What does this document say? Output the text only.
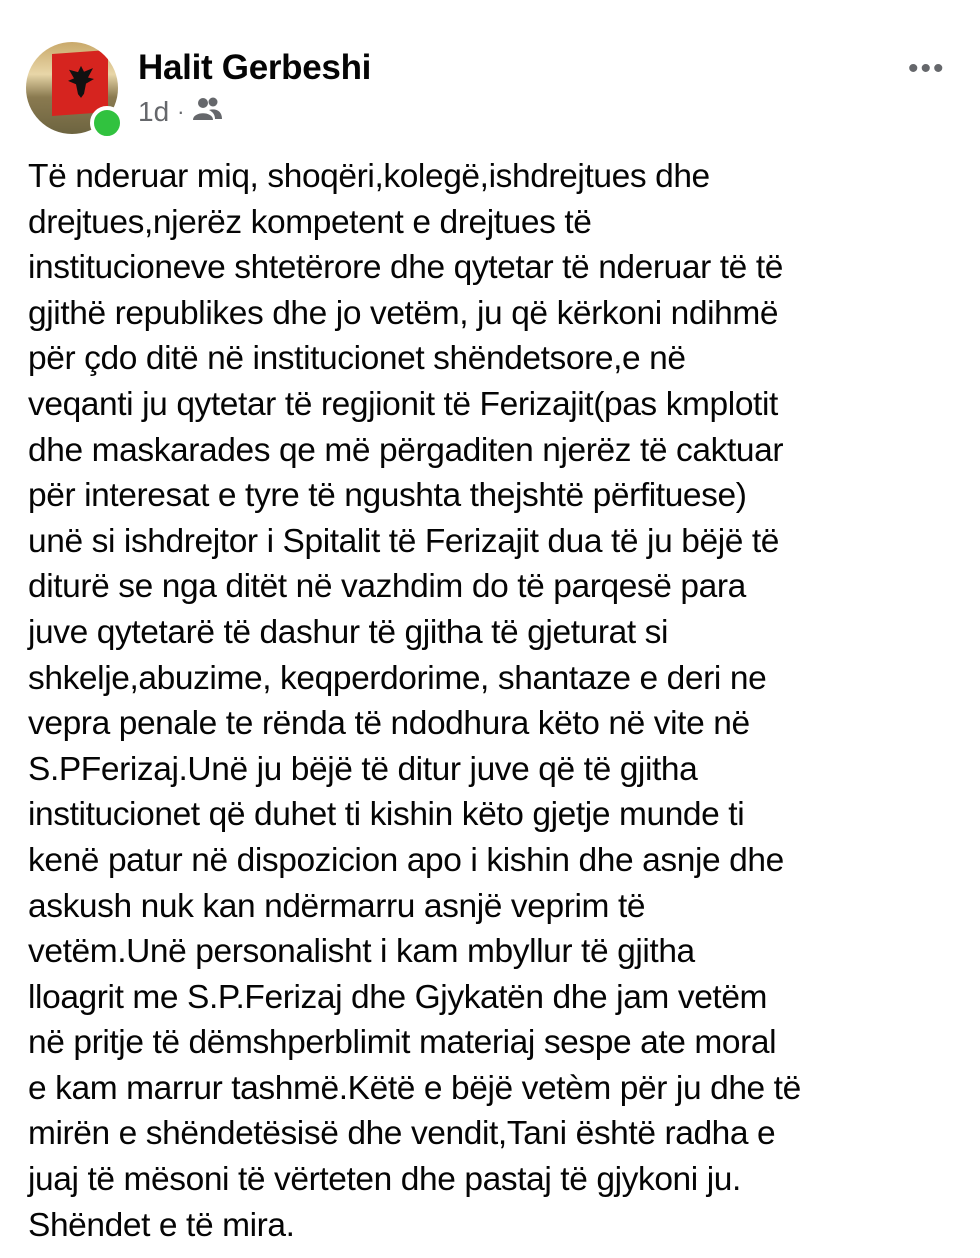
Halit Gerbeshi
1d ·
•••
Të nderuar miq, shoqëri,kolegë,ishdrejtues dhe
drejtues,njerëz kompetent e drejtues të
institucioneve shtetërore dhe qytetar të nderuar të të
gjithë republikes dhe jo vetëm, ju që kërkoni ndihmë
për çdo ditë në institucionet shëndetsore,e në
veqanti ju qytetar të regjionit të Ferizajit(pas kmplotit
dhe maskarades qe më përgaditen njerëz të caktuar
për interesat e tyre të ngushta thejshtë përfituese)
unë si ishdrejtor i Spitalit të Ferizajit dua të ju bëjë të
diturë se nga ditët në vazhdim do të parqesë para
juve qytetarë të dashur të gjitha të gjeturat si
shkelje,abuzime, keqperdorime, shantaze e deri ne
vepra penale te rënda të ndodhura këto në vite në
S.PFerizaj.Unë ju bëjë të ditur juve që të gjitha
institucionet që duhet ti kishin këto gjetje munde ti
kenë patur në dispozicion apo i kishin dhe asnje dhe
askush nuk kan ndërmarru asnjë veprim të
vetëm.Unë personalisht i kam mbyllur të gjitha
lloagrit me S.P.Ferizaj dhe Gjykatën dhe jam vetëm
në pritje të dëmshperblimit materiaj sespe ate moral
e kam marrur tashmë.Këtë e bëjë vetèm për ju dhe të
mirën e shëndetësisë dhe vendit,Tani është radha e
juaj të mësoni të vërteten dhe pastaj të gjykoni ju.
Shëndet e të mira.
